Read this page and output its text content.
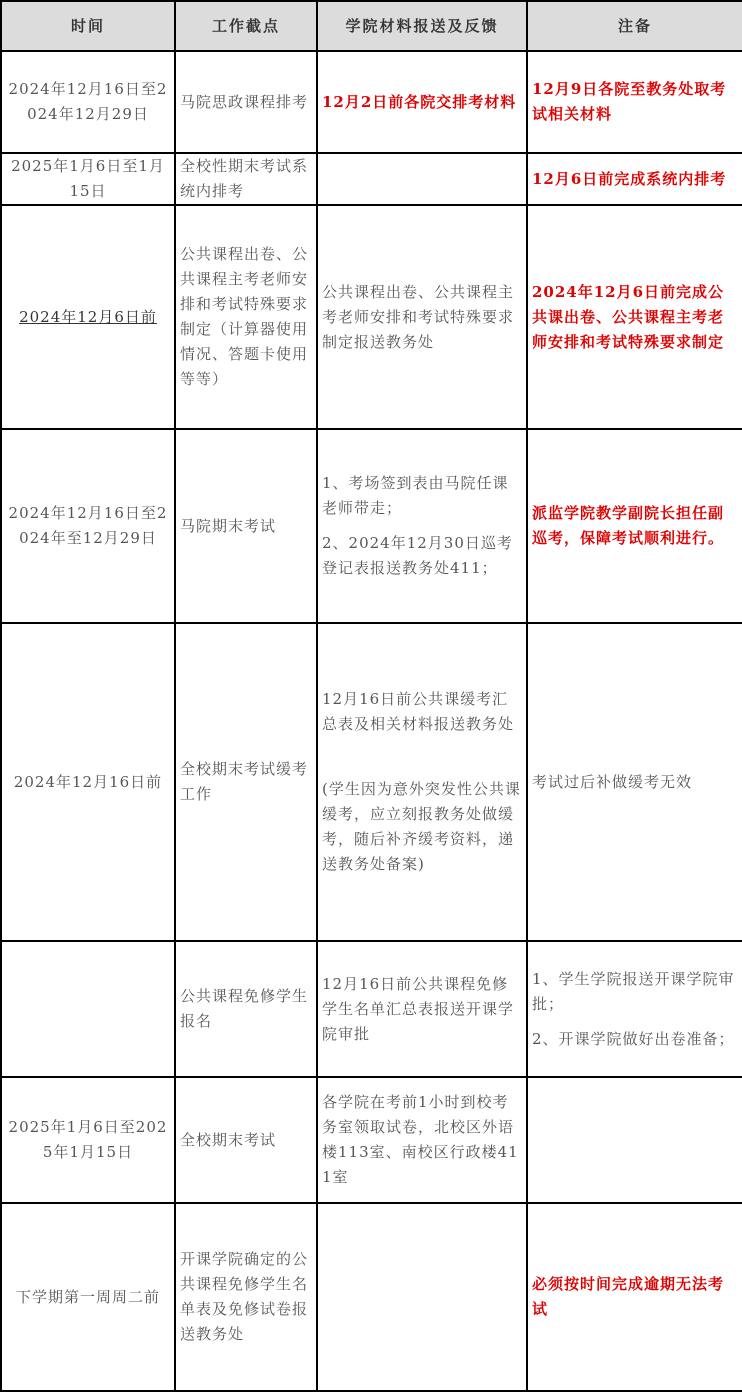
时间	工作截点	学院材料报送及反馈	注备
2024年12月16日至2024年12月29日	马院思政课程排考	12月2日前各院交排考材料	12月9日各院至教务处取考试相关材料

2025年1月6日至1月15日	全校性期末考试系统内排考		12月6日前完成系统内排考

2024年12月6日前	公共课程出卷、公共课程主考老师安排和考试特殊要求制定（计算器使用情况、答题卡使用等等）	公共课程出卷、公共课程主考老师安排和考试特殊要求制定报送教务处	2024年12月6日前完成公共课出卷、公共课程主考老师安排和考试特殊要求制定

2024年12月16日至2024年至12月29日	马院期末考试	1、考场签到表由马院任课老师带走；
2、2024年12月30日巡考登记表报送教务处411；	派监学院教学副院长担任副巡考，保障考试顺利进行。

2024年12月16日前	全校期末考试缓考工作	12月16日前公共课缓考汇总表及相关材料报送教务处
(学生因为意外突发性公共课缓考，应立刻报教务处做缓考，随后补齐缓考资料，递送教务处备案)	考试过后补做缓考无效

	公共课程免修学生报名	12月16日前公共课程免修学生名单汇总表报送开课学院审批	1、学生学院报送开课学院审批；
2、开课学院做好出卷准备；

2025年1月6日至2025年1月15日	全校期末考试	各学院在考前1小时到校考务室领取试卷，北校区外语楼113室、南校区行政楼411室	

下学期第一周周二前	开课学院确定的公共课程免修学生名单表及免修试卷报送教务处		必须按时间完成逾期无法考试
